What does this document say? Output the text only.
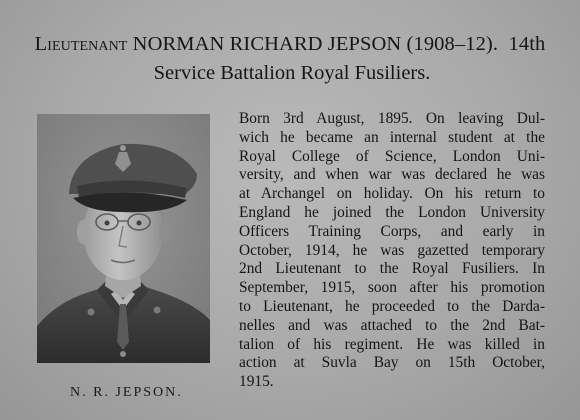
Lieutenant NORMAN RICHARD JEPSON (1908–12). 14th
Service Battalion Royal Fusiliers.
N. R. JEPSON.
Born 3rd August, 1895. On leaving Dul-
wich he became an internal student at the
Royal College of Science, London Uni-
versity, and when war was declared he was
at Archangel on holiday. On his return to
England he joined the London University
Officers Training Corps, and early in
October, 1914, he was gazetted temporary
2nd Lieutenant to the Royal Fusiliers. In
September, 1915, soon after his promotion
to Lieutenant, he proceeded to the Darda-
nelles and was attached to the 2nd Bat-
talion of his regiment. He was killed in
action at Suvla Bay on 15th October,
1915.
